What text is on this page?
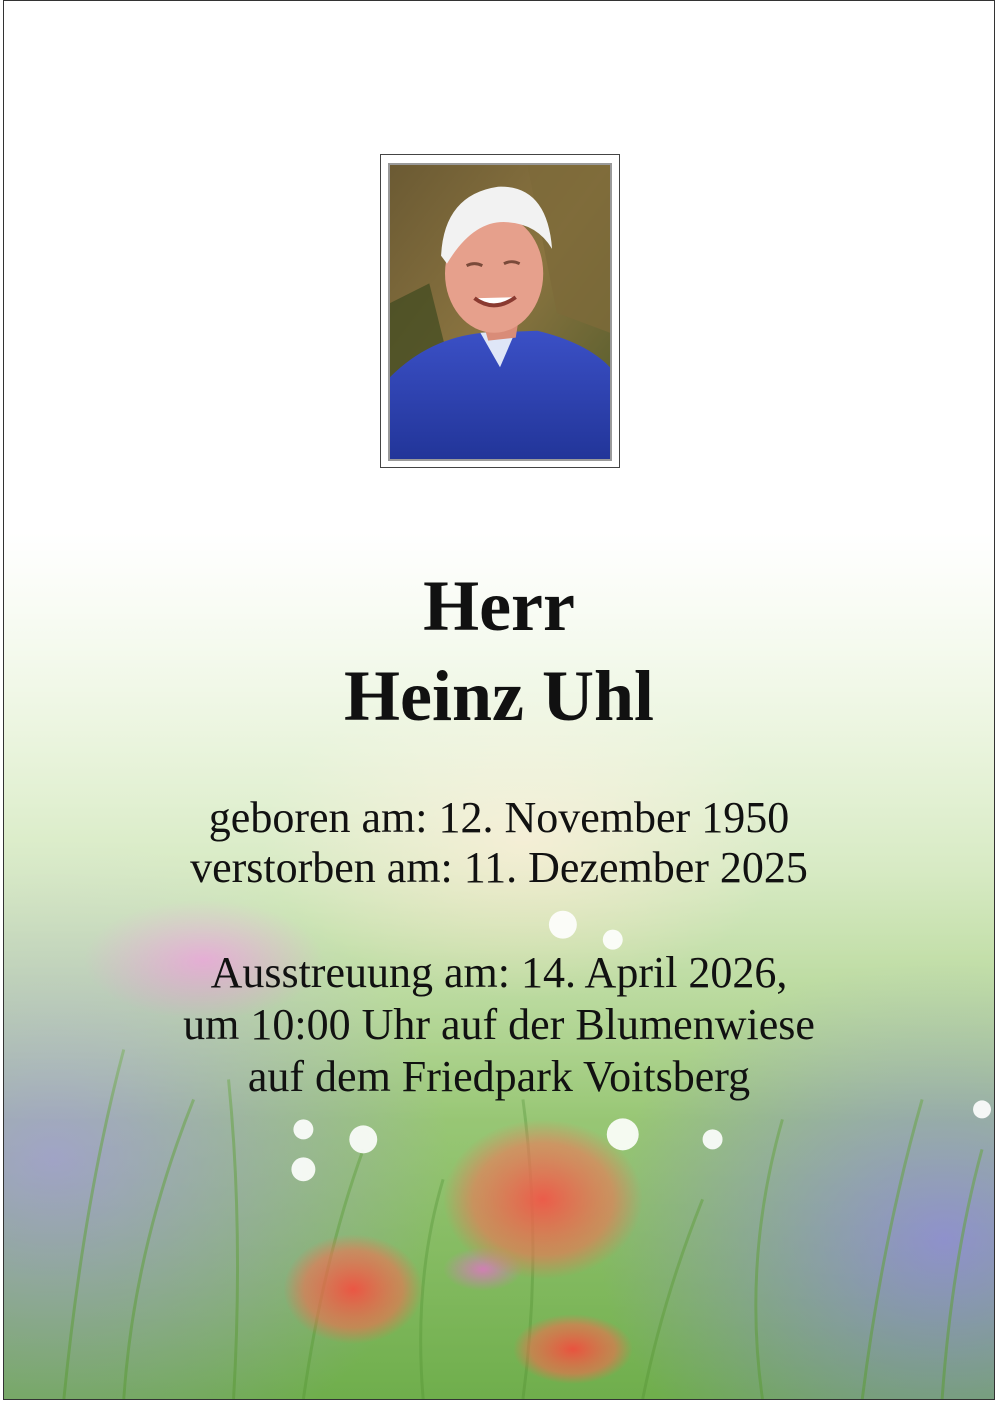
Herr
Heinz Uhl
geboren am: 12. November 1950
verstorben am: 11. Dezember 2025
Ausstreuung am: 14. April 2026,
um 10:00 Uhr auf der Blumenwiese
auf dem Friedpark Voitsberg
